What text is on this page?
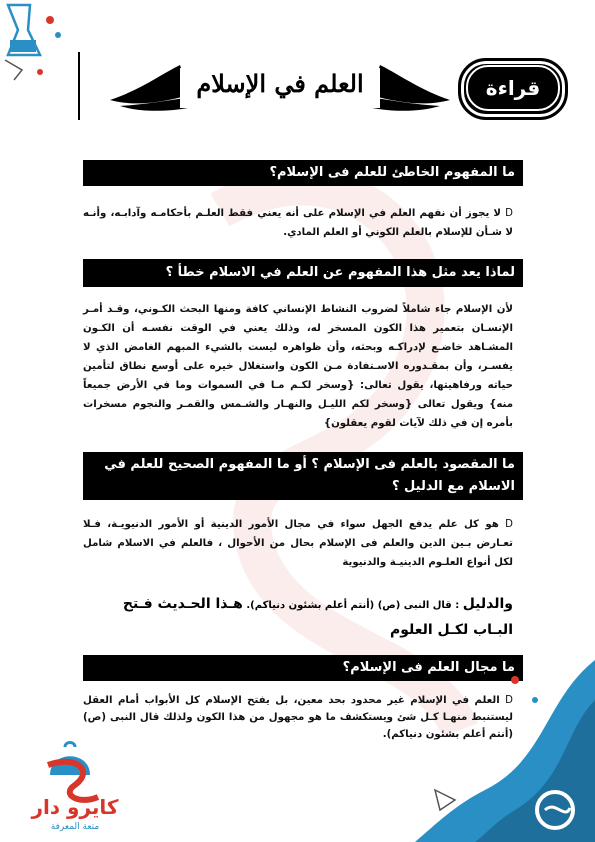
العلم في الإسلام	قراءة
ما المفهوم الخاطئ للعلم فى الإسلام؟
D لا يجوز أن نفهم العلم في الإسلام على أنه يعني فقط العلـم بأحكامـه وآدابـه، وأنـه لا شـأن للإسلام بالعلم الكوني أو العلم المادي.
لماذا يعد مثل هذا المفهوم عن العلم في الاسلام خطأ ؟
لأن الإسلام جاء شاملاً لضروب النشاط الإنساني كافة ومنها البحث الكـوني، وقـد أمـر الإنسـان بتعمير هذا الكون المسخر له، وذلك يعني في الوقت نفسـه أن الكـون المشـاهد خاضـع لإدراكـه وبحثه، وأن ظواهره ليست بالشيء المبهم الغامض الذي لا يفسـر، وأن بمقـدوره الاسـتفادة مـن الكون واستغلال خيره على أوسع نطاق لتأمين حياته ورفاهيتها، يقول تعالى: {وسخر لكـم مـا في السموات وما في الأرض جميعاً منه} ويقول تعالى {وسخر لكم الليـل والنهـار والشـمس والقمـر والنجوم مسخرات بأمره إن في ذلك لآيات لقوم يعقلون}
ما المقصود بالعلم فى الإسلام ؟ أو ما المفهوم الصحيح للعلم في الاسلام مع الدليل ؟
D هو كل علم يدفع الجهل سواء في مجال الأمور الدينية أو الأمور الدنيويـة، فـلا تعـارض بـين الدين والعلم فى الإسلام بحال من الأحوال ، فالعلم في الاسلام شامل لكل أنواع العلـوم الدينيـة والدنيوية
والدليل : قال النبى (ص) (أنتم أعلم بشئون دنياكم). هـذا الحـديث فـتح البـاب لكـل العلوم
ما مجال العلم فى الإسلام؟
D العلم في الإسلام غير محدود بحد معين، بل يفتح الإسلام كل الأبواب أمام العقل ليستنبط منهـا كـل شئ ويستكشف ما هو مجهول من هذا الكون ولذلك قال النبى (ص) (أنتم أعلم بشئون دنياكم).
كايرو دار
متعة المعرفة
